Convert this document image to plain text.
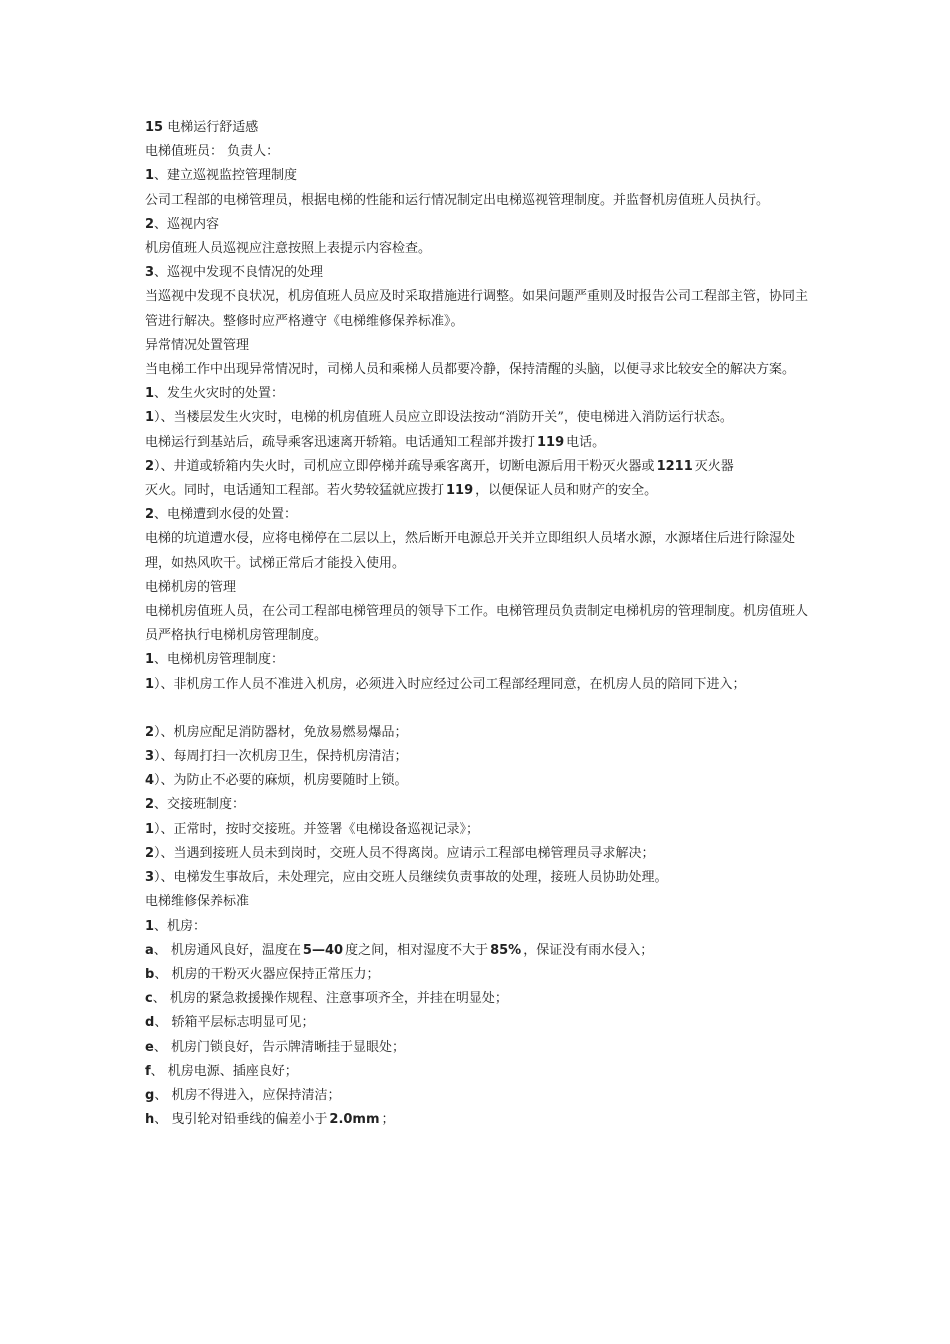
15 电梯运行舒适感
电梯值班员： 负责人：
1、建立巡视监控管理制度
公司工程部的电梯管理员，根据电梯的性能和运行情况制定出电梯巡视管理制度。并监督机房值班人员执行。
2、巡视内容
机房值班人员巡视应注意按照上表提示内容检查。
3、巡视中发现不良情况的处理
当巡视中发现不良状况，机房值班人员应及时采取措施进行调整。如果问题严重则及时报告公司工程部主管，协同主管进行解决。整修时应严格遵守《电梯维修保养标准》。
异常情况处置管理
当电梯工作中出现异常情况时，司梯人员和乘梯人员都要冷静，保持清醒的头脑，以便寻求比较安全的解决方案。
1、发生火灾时的处置：
1）、当楼层发生火灾时，电梯的机房值班人员应立即设法按动“消防开关”，使电梯进入消防运行状态。
电梯运行到基站后，疏导乘客迅速离开轿箱。电话通知工程部并拨打 119 电话。
2）、井道或轿箱内失火时，司机应立即停梯并疏导乘客离开，切断电源后用干粉灭火器或 1211 灭火器
灭火。同时，电话通知工程部。若火势较猛就应拨打 119 ，以便保证人员和财产的安全。
2、电梯遭到水侵的处置：
电梯的坑道遭水侵，应将电梯停在二层以上，然后断开电源总开关并立即组织人员堵水源，水源堵住后进行除湿处理，如热风吹干。试梯正常后才能投入使用。
电梯机房的管理
电梯机房值班人员，在公司工程部电梯管理员的领导下工作。电梯管理员负责制定电梯机房的管理制度。机房值班人员严格执行电梯机房管理制度。
1、电梯机房管理制度：
1）、非机房工作人员不准进入机房，必须进入时应经过公司工程部经理同意，在机房人员的陪同下进入；
2）、机房应配足消防器材，免放易燃易爆品；
3）、每周打扫一次机房卫生，保持机房清洁；
4）、为防止不必要的麻烦，机房要随时上锁。
2、交接班制度：
1）、正常时，按时交接班。并签署《电梯设备巡视记录》；
2）、当遇到接班人员未到岗时，交班人员不得离岗。应请示工程部电梯管理员寻求解决；
3）、电梯发生事故后，未处理完，应由交班人员继续负责事故的处理，接班人员协助处理。
电梯维修保养标准
1、机房：
a、 机房通风良好，温度在 5—40 度之间，相对湿度不大于 85% ，保证没有雨水侵入；
b、 机房的干粉灭火器应保持正常压力；
c、 机房的紧急救援操作规程、注意事项齐全，并挂在明显处；
d、 轿箱平层标志明显可见；
e、 机房门锁良好，告示牌清晰挂于显眼处；
f、 机房电源、插座良好；
g、 机房不得进入，应保持清洁；
h、 曳引轮对铅垂线的偏差小于 2.0mm ；
